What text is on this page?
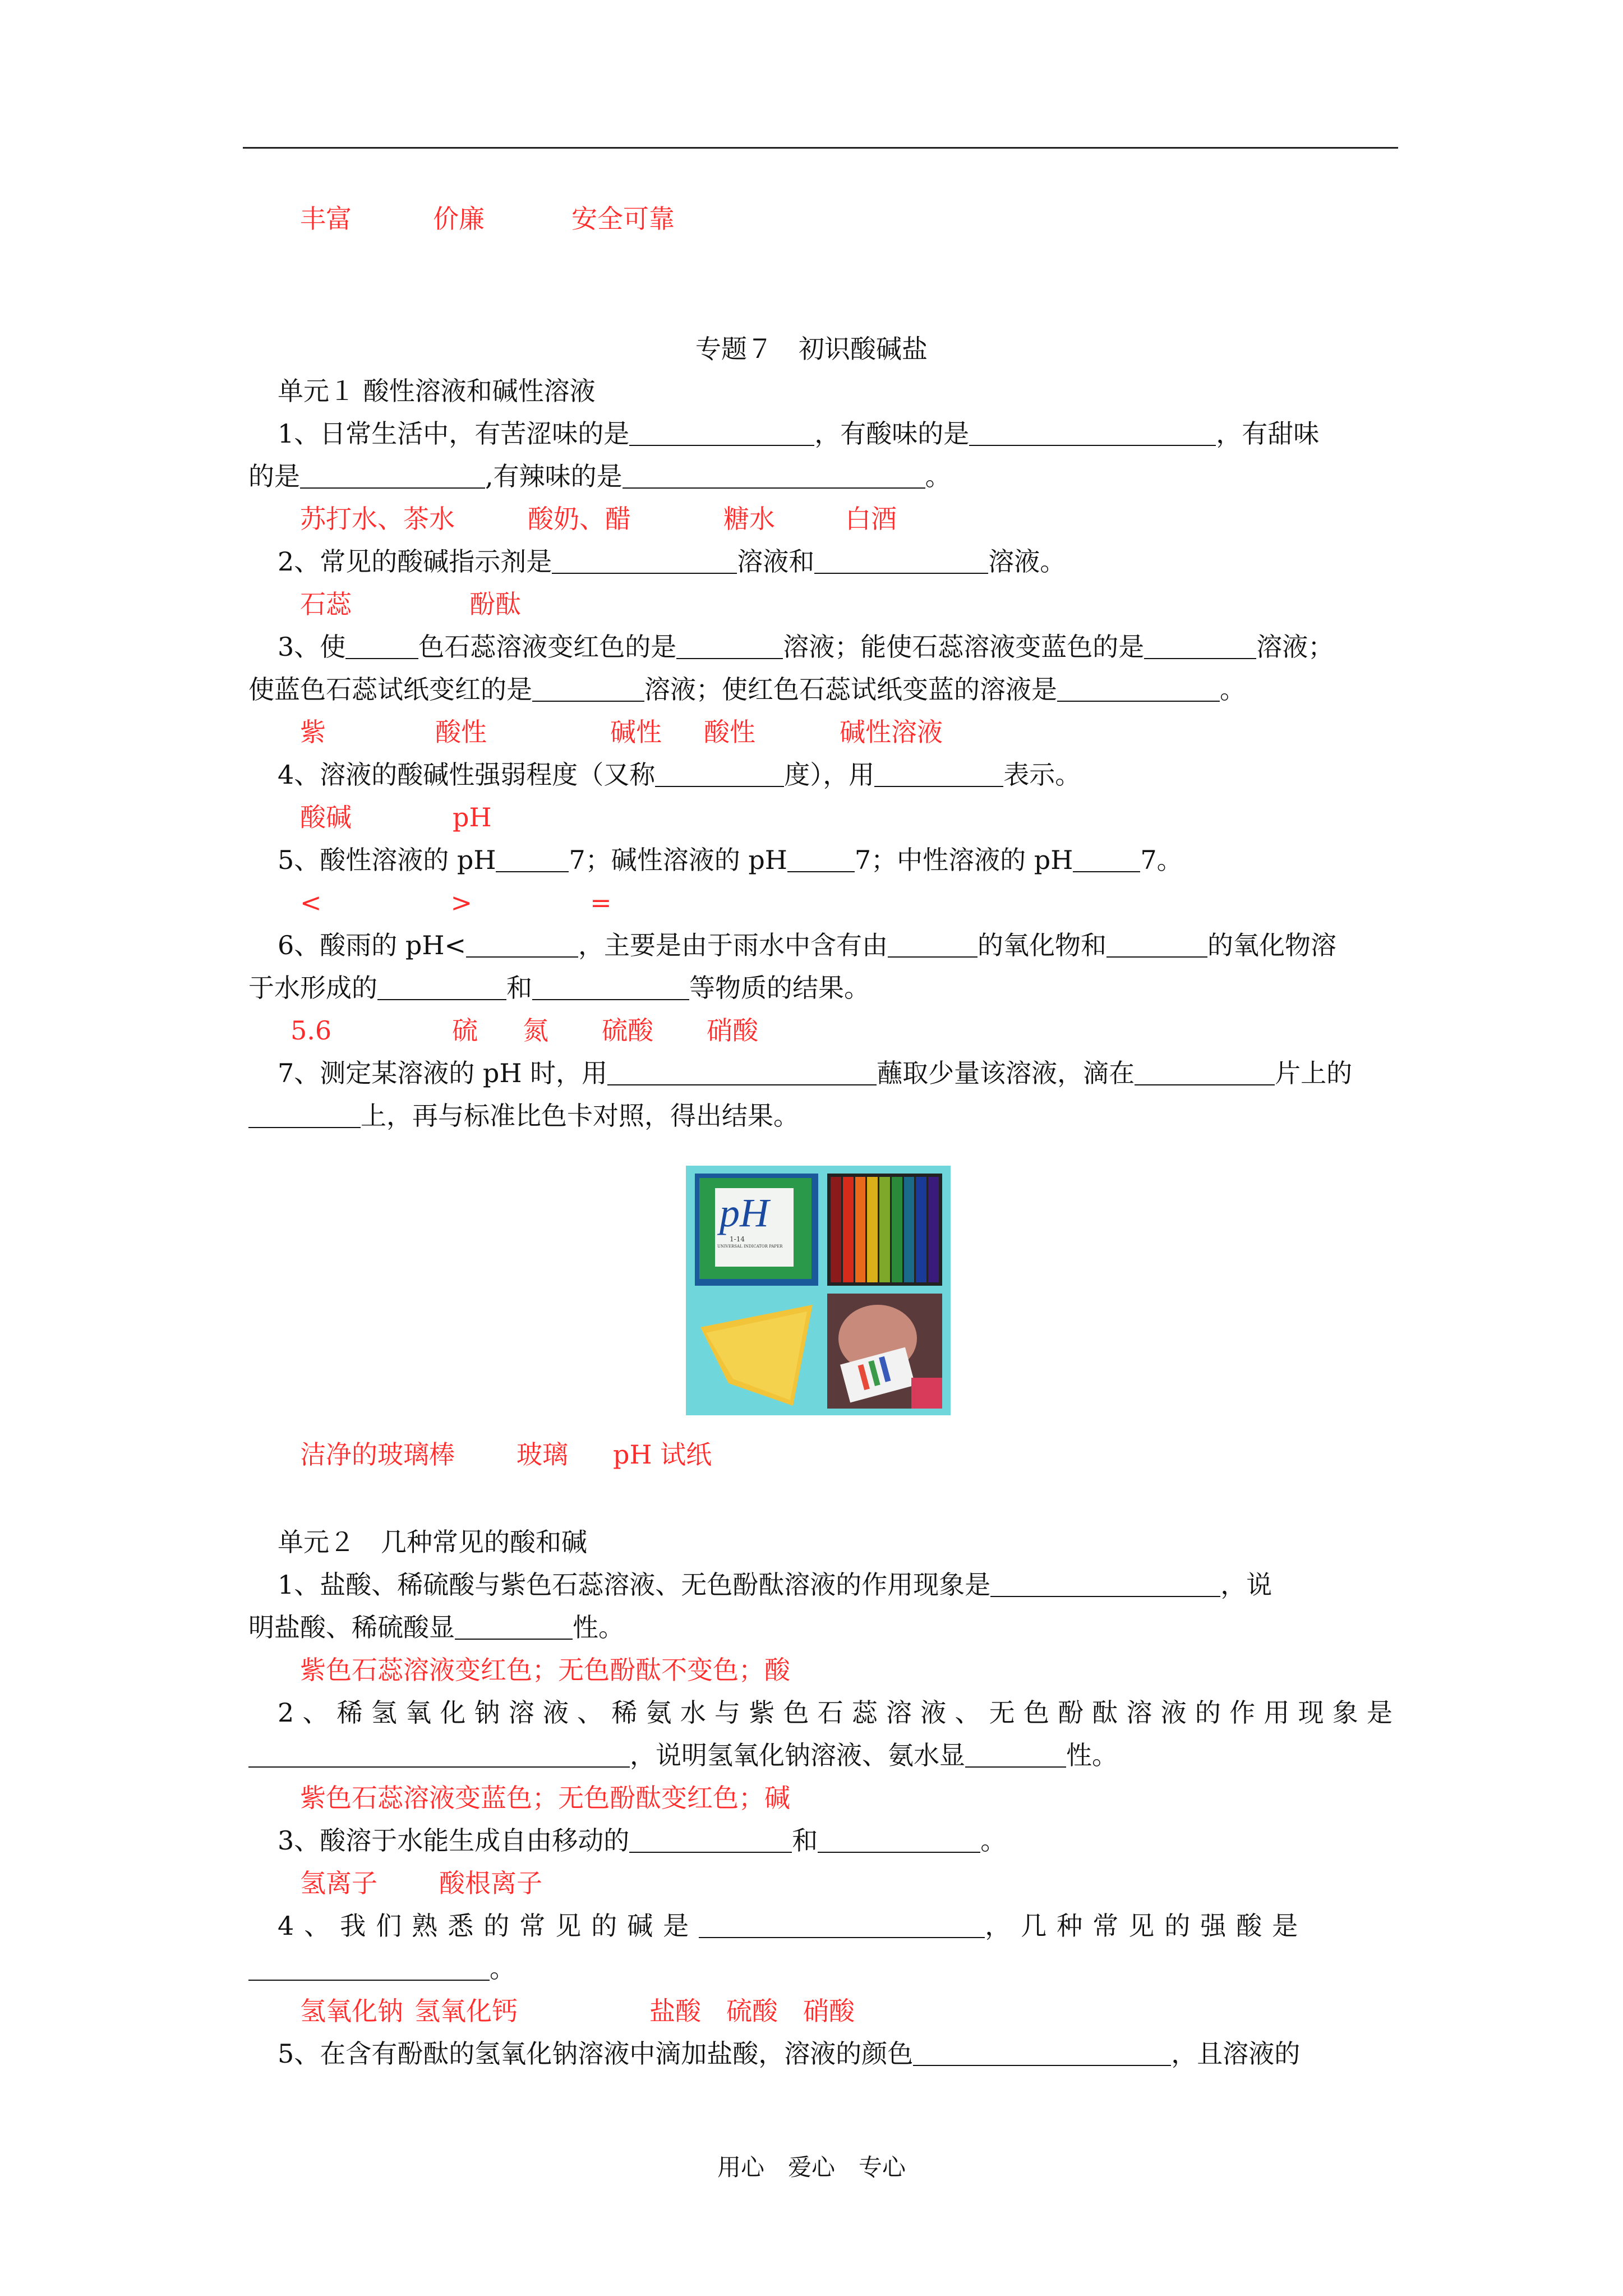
丰富	价廉	安全可靠
专题７　初识酸碱盐
单元１ 酸性溶液和碱性溶液
1、日常生活中，有苦涩味的是	，有酸味的是	，有甜味
的是	,有辣味的是	。
苏打水、茶水	酸奶、醋	糖水	白酒
2、常见的酸碱指示剂是	溶液和	溶液。
石蕊	酚酞
3、使	色石蕊溶液变红色的是	溶液；能使石蕊溶液变蓝色的是	溶液；
使蓝色石蕊试纸变红的是	溶液；使红色石蕊试纸变蓝的溶液是	。
紫	酸性	碱性 酸性	碱性溶液
4、溶液的酸碱性强弱程度（又称	度），用	表示。
酸碱	pH
5、酸性溶液的 pH	7；碱性溶液的 pH	7；中性溶液的 pH	7。
<	>	=
6、酸雨的 pH<	，主要是由于雨水中含有由	的氧化物和	的氧化物溶
于水形成的	和	等物质的结果。
5.6	硫 氮 硫酸 硝酸
7、测定某溶液的 pH 时，用	蘸取少量该溶液，滴在	片上的
上，再与标准比色卡对照，得出结果。
pH
1-14
UNIVERSAL INDICATOR PAPER
洁净的玻璃棒 玻璃 pH 试纸
单元２　几种常见的酸和碱
1、盐酸、稀硫酸与紫色石蕊溶液、无色酚酞溶液的作用现象是	，说
明盐酸、稀硫酸显	性。
紫色石蕊溶液变红色；无色酚酞不变色；酸
2、稀氢氧化钠溶液、稀氨水与紫色石蕊溶液、无色酚酞溶液的作用现象是
，说明氢氧化钠溶液、氨水显	性。
紫色石蕊溶液变蓝色；无色酚酞变红色；碱
3、酸溶于水能生成自由移动的	和	。
氢离子 酸根离子
4、我们熟悉的常见的碱是	，几种常见的强酸是
。
氢氧化钠 氢氧化钙	盐酸 硫酸 硝酸
5、在含有酚酞的氢氧化钠溶液中滴加盐酸，溶液的颜色	，且溶液的
用心　爱心　专心
